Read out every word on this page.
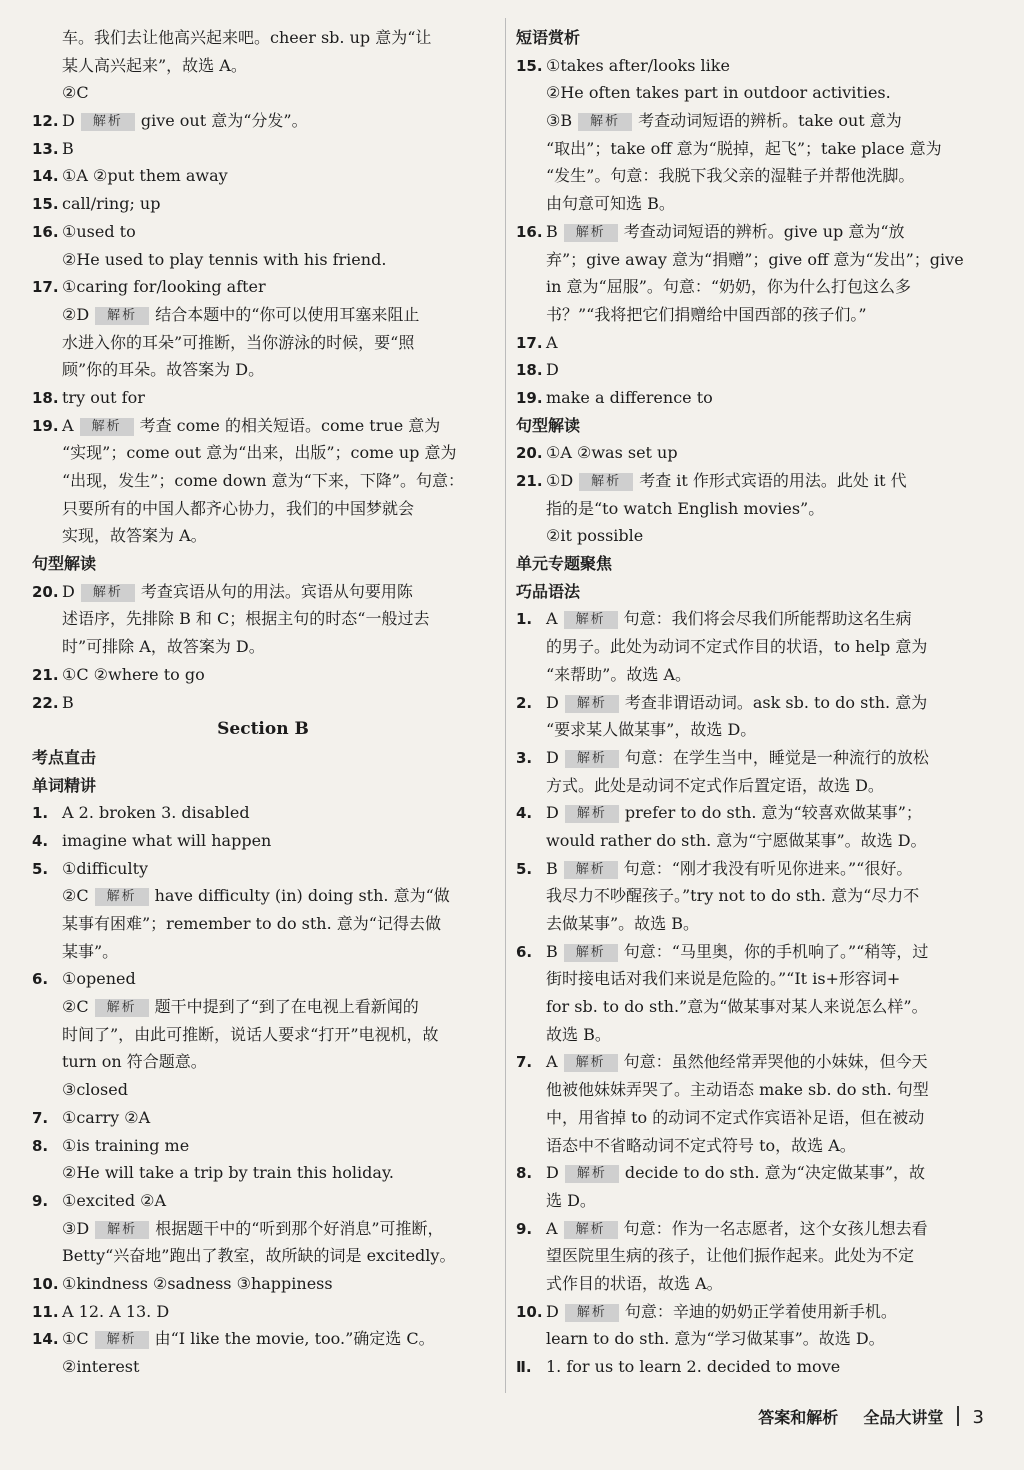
车。我们去让他高兴起来吧。cheer sb. up 意为“让
某人高兴起来”，故选 A。
②C
12. D 解析 give out 意为“分发”。
13. B
14. ①A ②put them away
15. call/ring; up
16. ①used to
②He used to play tennis with his friend.
17. ①caring for/looking after
②D 解析 结合本题中的“你可以使用耳塞来阻止
水进入你的耳朵”可推断，当你游泳的时候，要“照
顾”你的耳朵。故答案为 D。
18. try out for
19. A 解析 考查 come 的相关短语。come true 意为
“实现”；come out 意为“出来，出版”；come up 意为
“出现，发生”；come down 意为“下来，下降”。句意：
只要所有的中国人都齐心协力，我们的中国梦就会
实现，故答案为 A。
句型解读
20. D 解析 考查宾语从句的用法。宾语从句要用陈
述语序，先排除 B 和 C；根据主句的时态“一般过去
时”可排除 A，故答案为 D。
21. ①C ②where to go
22. B
Section B
考点直击
单词精讲
1. A 2. broken 3. disabled
4. imagine what will happen
5. ①difficulty
②C 解析 have difficulty (in) doing sth. 意为“做
某事有困难”；remember to do sth. 意为“记得去做
某事”。
6. ①opened
②C 解析 题干中提到了“到了在电视上看新闻的
时间了”，由此可推断，说话人要求“打开”电视机，故
turn on 符合题意。
③closed
7. ①carry ②A
8. ①is training me
②He will take a trip by train this holiday.
9. ①excited ②A
③D 解析 根据题干中的“听到那个好消息”可推断，
Betty“兴奋地”跑出了教室，故所缺的词是 excitedly。
10. ①kindness ②sadness ③happiness
11. A 12. A 13. D
14. ①C 解析 由“I like the movie, too.”确定选 C。
②interest
短语赏析
15. ①takes after/looks like
②He often takes part in outdoor activities.
③B 解析 考查动词短语的辨析。take out 意为
“取出”；take off 意为“脱掉，起飞”；take place 意为
“发生”。句意：我脱下我父亲的湿鞋子并帮他洗脚。
由句意可知选 B。
16. B 解析 考查动词短语的辨析。give up 意为“放
弃”；give away 意为“捐赠”；give off 意为“发出”；give
in 意为“屈服”。句意：“奶奶，你为什么打包这么多
书？”“我将把它们捐赠给中国西部的孩子们。”
17. A
18. D
19. make a difference to
句型解读
20. ①A ②was set up
21. ①D 解析 考查 it 作形式宾语的用法。此处 it 代
指的是“to watch English movies”。
②it possible
单元专题聚焦
巧品语法
1. A 解析 句意：我们将会尽我们所能帮助这名生病
的男子。此处为动词不定式作目的状语，to help 意为
“来帮助”。故选 A。
2. D 解析 考查非谓语动词。ask sb. to do sth. 意为
“要求某人做某事”，故选 D。
3. D 解析 句意：在学生当中，睡觉是一种流行的放松
方式。此处是动词不定式作后置定语，故选 D。
4. D 解析 prefer to do sth. 意为“较喜欢做某事”；
would rather do sth. 意为“宁愿做某事”。故选 D。
5. B 解析 句意：“刚才我没有听见你进来。”“很好。
我尽力不吵醒孩子。”try not to do sth. 意为“尽力不
去做某事”。故选 B。
6. B 解析 句意：“马里奥，你的手机响了。”“稍等，过
街时接电话对我们来说是危险的。”“It is+形容词+
for sb. to do sth.”意为“做某事对某人来说怎么样”。
故选 B。
7. A 解析 句意：虽然他经常弄哭他的小妹妹，但今天
他被他妹妹弄哭了。主动语态 make sb. do sth. 句型
中，用省掉 to 的动词不定式作宾语补足语，但在被动
语态中不省略动词不定式符号 to，故选 A。
8. D 解析 decide to do sth. 意为“决定做某事”，故
选 D。
9. A 解析 句意：作为一名志愿者，这个女孩儿想去看
望医院里生病的孩子，让他们振作起来。此处为不定
式作目的状语，故选 A。
10. D 解析 句意：辛迪的奶奶正学着使用新手机。
learn to do sth. 意为“学习做某事”。故选 D。
Ⅱ. 1. for us to learn 2. decided to move
答案和解析 全品大讲堂 3
